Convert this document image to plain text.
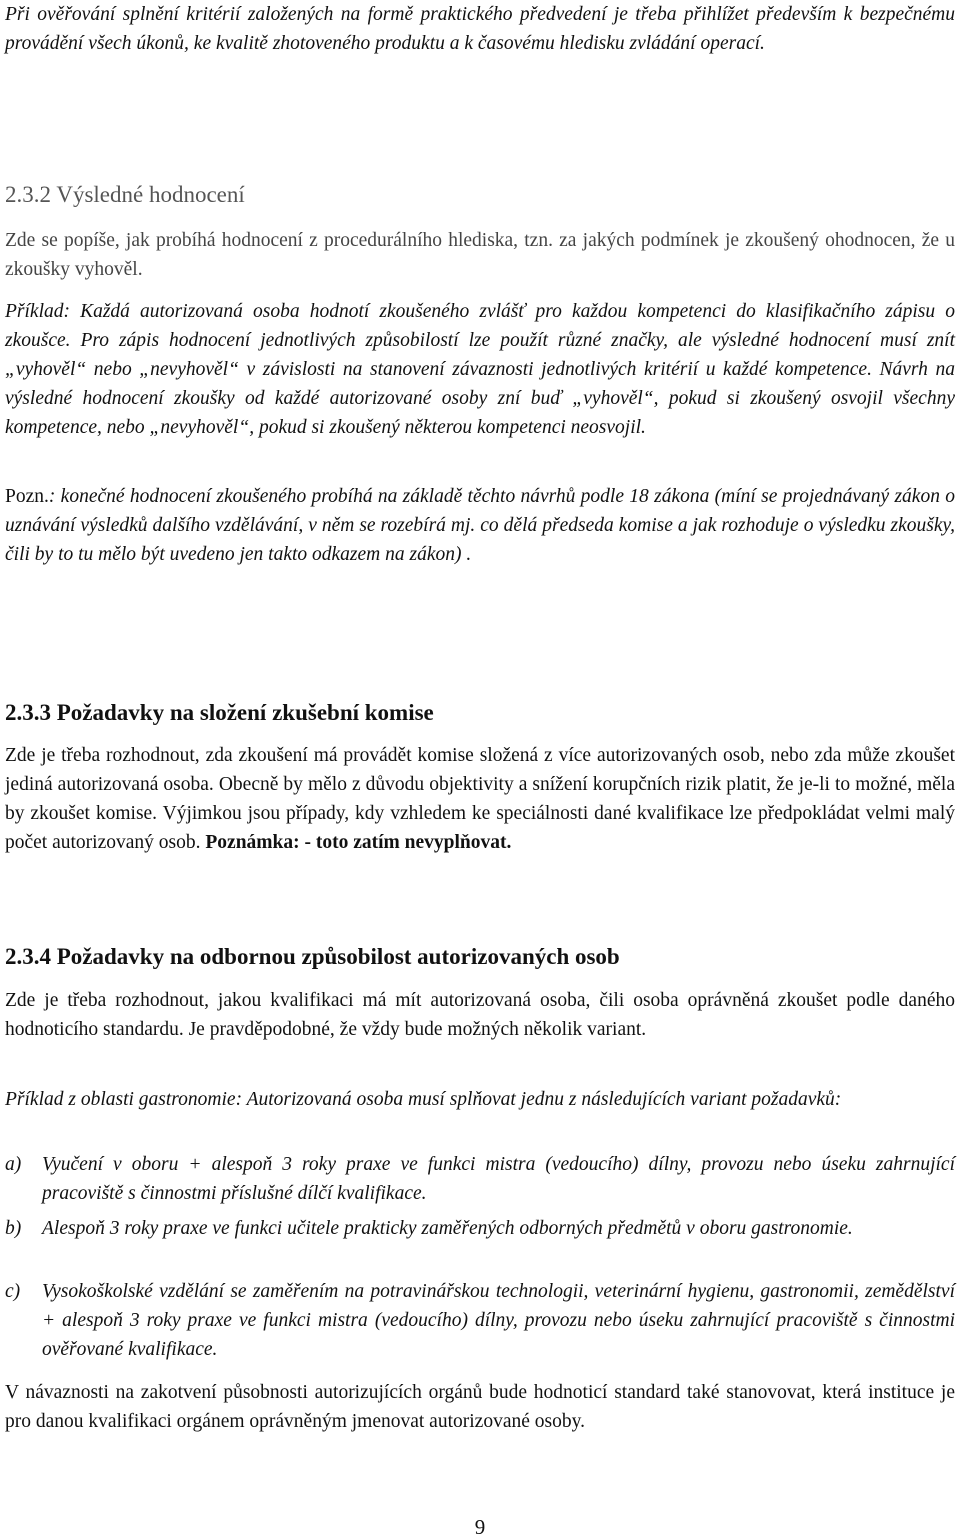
Při ověřování splnění kritérií založených na formě praktického předvedení je třeba přihlížet především k bezpečnému provádění všech úkonů, ke kvalitě zhotoveného produktu a k časovému hledisku zvládání operací.

2.3.2 Výsledné hodnocení

Zde se popíše, jak probíhá hodnocení z procedurálního hlediska, tzn. za jakých podmínek je zkoušený ohodnocen, že u zkoušky vyhověl.

Příklad: Každá autorizovaná osoba hodnotí zkoušeného zvlášť pro každou kompetenci do klasifikačního zápisu o zkoušce. Pro zápis hodnocení jednotlivých způsobilostí lze použít různé značky, ale výsledné hodnocení musí znít „vyhověl“ nebo „nevyhověl“ v závislosti na stanovení závaznosti jednotlivých kritérií u každé kompetence. Návrh na výsledné hodnocení zkoušky od každé autorizované osoby zní buď „vyhověl“, pokud si zkoušený osvojil všechny kompetence, nebo „nevyhověl“, pokud si zkoušený některou kompetenci neosvojil.

Pozn.: konečné hodnocení zkoušeného probíhá na základě těchto návrhů podle 18 zákona (míní se projednávaný zákon o uznávání výsledků dalšího vzdělávání, v něm se rozebírá mj. co dělá předseda komise a jak rozhoduje o výsledku zkoušky, čili by to tu mělo být uvedeno jen takto odkazem na zákon) .

2.3.3 Požadavky na složení zkušební komise

Zde je třeba rozhodnout, zda zkoušení má provádět komise složená z více autorizovaných osob, nebo zda může zkoušet jediná autorizovaná osoba. Obecně by mělo z důvodu objektivity a snížení korupčních rizik platit, že je-li to možné, měla by zkoušet komise. Výjimkou jsou případy, kdy vzhledem ke speciálnosti dané kvalifikace lze předpokládat velmi malý počet autorizovaný osob. Poznámka: - toto zatím nevyplňovat.

2.3.4 Požadavky na odbornou způsobilost autorizovaných osob

Zde je třeba rozhodnout, jakou kvalifikaci má mít autorizovaná osoba, čili osoba oprávněná zkoušet podle daného hodnoticího standardu. Je pravděpodobné, že vždy bude možných několik variant.

Příklad z oblasti gastronomie: Autorizovaná osoba musí splňovat jednu z následujících variant požadavků:

a)	Vyučení v oboru + alespoň 3 roky praxe ve funkci mistra (vedoucího) dílny, provozu nebo úseku zahrnující pracoviště s činnostmi příslušné dílčí kvalifikace.
b)	Alespoň 3 roky praxe ve funkci učitele prakticky zaměřených odborných předmětů v oboru gastronomie.
c)	Vysokoškolské vzdělání se zaměřením na potravinářskou technologii, veterinární hygienu, gastronomii, zemědělství + alespoň 3 roky praxe ve funkci mistra (vedoucího) dílny, provozu nebo úseku zahrnující pracoviště s činnostmi ověřované kvalifikace.

V návaznosti na zakotvení působnosti autorizujících orgánů bude hodnoticí standard také stanovovat, která instituce je pro danou kvalifikaci orgánem oprávněným jmenovat autorizované osoby.

9
